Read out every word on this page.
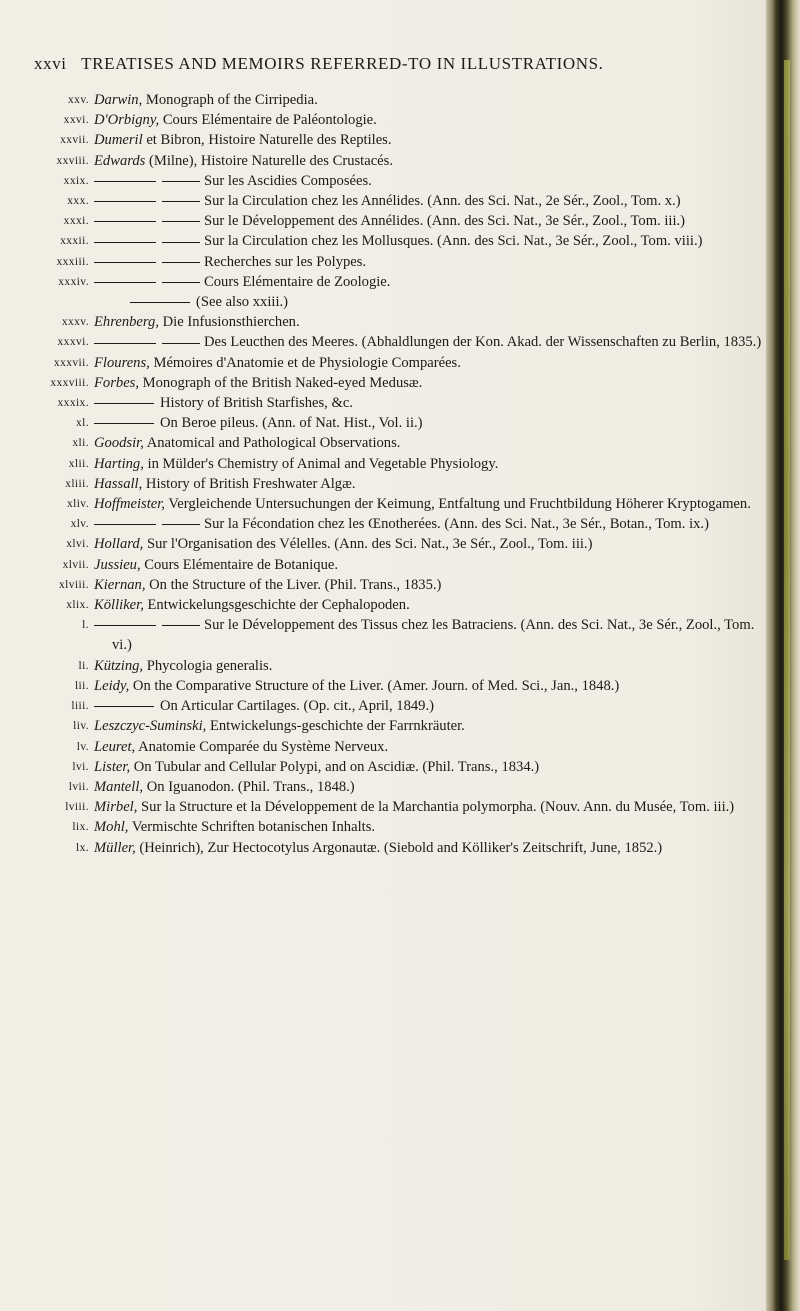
xxvi TREATISES AND MEMOIRS REFERRED-TO IN ILLUSTRATIONS.
xxv. Darwin, Monograph of the Cirripedia.
xxvi. D'Orbigny, Cours Elémentaire de Paléontologie.
xxvii. Dumeril et Bibron, Histoire Naturelle des Reptiles.
xxviii. Edwards (Milne), Histoire Naturelle des Crustacés.
xxix.	Sur les Ascidies Composées.
xxx.	Sur la Circulation chez les Annélides. (Ann. des Sci. Nat., 2e Sér., Zool., Tom. x.)
xxxi.	Sur le Développement des Annélides. (Ann. des Sci. Nat., 3e Sér., Zool., Tom. iii.)
xxxii.	Sur la Circulation chez les Mollusques. (Ann. des Sci. Nat., 3e Sér., Zool., Tom. viii.)
xxxiii.	Recherches sur les Polypes.
xxxiv.	Cours Elémentaire de Zoologie.
(See also xxiii.)
xxxv. Ehrenberg, Die Infusionsthierchen.
xxxvi.	Des Leucthen des Meeres. (Abhaldlungen der Kon. Akad. der Wissenschaften zu Berlin, 1835.)
xxxvii. Flourens, Mémoires d'Anatomie et de Physiologie Comparées.
xxxviii. Forbes, Monograph of the British Naked-eyed Medusæ.
xxxix.	History of British Starfishes, &c.
xl.	On Beroe pileus. (Ann. of Nat. Hist., Vol. ii.)
xli. Goodsir, Anatomical and Pathological Observations.
xlii. Harting, in Mülder's Chemistry of Animal and Vegetable Physiology.
xliii. Hassall, History of British Freshwater Algæ.
xliv. Hoffmeister, Vergleichende Untersuchungen der Keimung, Entfaltung und Fruchtbildung Höherer Kryptogamen.
xlv.	Sur la Fécondation chez les Œnotherées. (Ann. des Sci. Nat., 3e Sér., Botan., Tom. ix.)
xlvi. Hollard, Sur l'Organisation des Vélelles. (Ann. des Sci. Nat., 3e Sér., Zool., Tom. iii.)
xlvii. Jussieu, Cours Elémentaire de Botanique.
xlviii. Kiernan, On the Structure of the Liver. (Phil. Trans., 1835.)
xlix. Kölliker, Entwickelungsgeschichte der Cephalopoden.
l.	Sur le Développement des Tissus chez les Batraciens. (Ann. des Sci. Nat., 3e Sér., Zool., Tom. vi.)
li. Kützing, Phycologia generalis.
lii. Leidy, On the Comparative Structure of the Liver. (Amer. Journ. of Med. Sci., Jan., 1848.)
liii.	On Articular Cartilages. (Op. cit., April, 1849.)
liv. Leszczyc-Suminski, Entwickelungs-geschichte der Farrnkräuter.
lv. Leuret, Anatomie Comparée du Système Nerveux.
lvi. Lister, On Tubular and Cellular Polypi, and on Ascidiæ. (Phil. Trans., 1834.)
lvii. Mantell, On Iguanodon. (Phil. Trans., 1848.)
lviii. Mirbel, Sur la Structure et la Développement de la Marchantia polymorpha. (Nouv. Ann. du Musée, Tom. iii.)
lix. Mohl, Vermischte Schriften botanischen Inhalts.
lx. Müller, (Heinrich), Zur Hectocotylus Argonautæ. (Siebold and Kölliker's Zeitschrift, June, 1852.)
